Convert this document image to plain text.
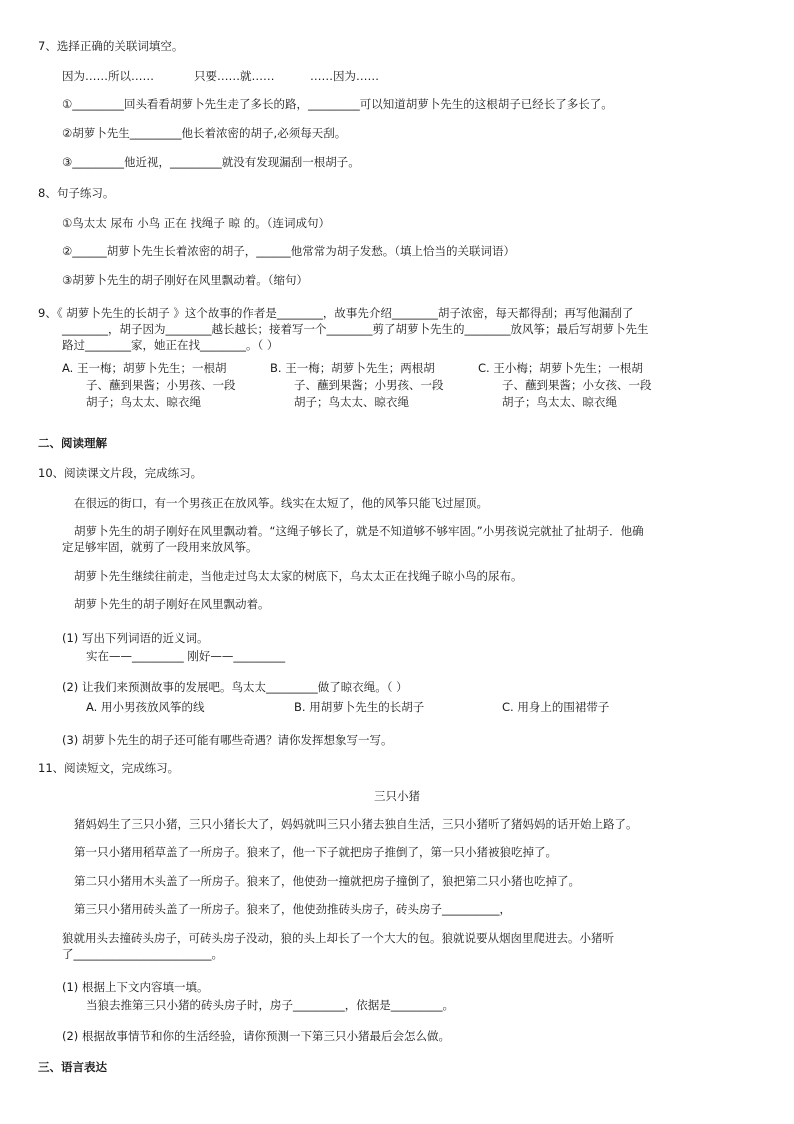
7、选择正确的关联词填空。
因为……所以……	只要……就……	……因为……
①_________回头看看胡萝卜先生走了多长的路，_________可以知道胡萝卜先生的这根胡子已经长了多长了。
②胡萝卜先生_________他长着浓密的胡子,必须每天刮。
③_________他近视，_________就没有发现漏刮一根胡子。
8、句子练习。
①鸟太太 尿布 小鸟 正在 找绳子 晾 的。（连词成句）
②______胡萝卜先生长着浓密的胡子，______他常常为胡子发愁。（填上恰当的关联词语）
③胡萝卜先生的胡子刚好在风里飘动着。（缩句）
9、《 胡萝卜先生的长胡子 》这个故事的作者是________，故事先介绍________胡子浓密，每天都得刮；再写他漏刮了
________，胡子因为________越长越长；接着写一个________剪了胡萝卜先生的________放风筝；最后写胡萝卜先生
路过________家，她正在找________。（ ）
A. 王一梅；胡萝卜先生；一根胡
子、蘸到果酱；小男孩、一段
胡子；鸟太太、晾衣绳
B. 王一梅；胡萝卜先生；两根胡
子、蘸到果酱；小男孩、一段
胡子；鸟太太、晾衣绳
C. 王小梅；胡萝卜先生；一根胡
子、蘸到果酱；小女孩、一段
胡子；鸟太太、晾衣绳
二、阅读理解
10、阅读课文片段，完成练习。
在很远的街口，有一个男孩正在放风筝。线实在太短了，他的风筝只能飞过屋顶。
胡萝卜先生的胡子刚好在风里飘动着。“这绳子够长了，就是不知道够不够牢固。”小男孩说完就扯了扯胡子．他确
定足够牢固，就剪了一段用来放风筝。
胡萝卜先生继续往前走，当他走过鸟太太家的树底下，乌太太正在找绳子晾小鸟的尿布。
胡萝卜先生的胡子刚好在风里飘动着。
(1) 写出下列词语的近义词。
实在——_________ 刚好——_________
(2) 让我们来预测故事的发展吧。鸟太太_________做了晾衣绳。（ ）
A. 用小男孩放风筝的线	B. 用胡萝卜先生的长胡子	C. 用身上的围裙带子
(3) 胡萝卜先生的胡子还可能有哪些奇遇？请你发挥想象写一写。
11、阅读短文，完成练习。
三只小猪
猪妈妈生了三只小猪，三只小猪长大了，妈妈就叫三只小猪去独自生活，三只小猪听了猪妈妈的话开始上路了。
第一只小猪用稻草盖了一所房子。狼来了，他一下子就把房子推倒了，第一只小猪被狼吃掉了。
第二只小猪用木头盖了一所房子。狼来了，他使劲一撞就把房子撞倒了，狼把第二只小猪也吃掉了。
第三只小猪用砖头盖了一所房子。狼来了，他使劲推砖头房子，砖头房子__________，
狼就用头去撞砖头房子，可砖头房子没动，狼的头上却长了一个大大的包。狼就说要从烟囱里爬进去。小猪听
了________________________。
(1) 根据上下文内容填一填。
当狼去推第三只小猪的砖头房子时，房子_________，依据是_________。
(2) 根据故事情节和你的生活经验，请你预测一下第三只小猪最后会怎么做。
三、语言表达
